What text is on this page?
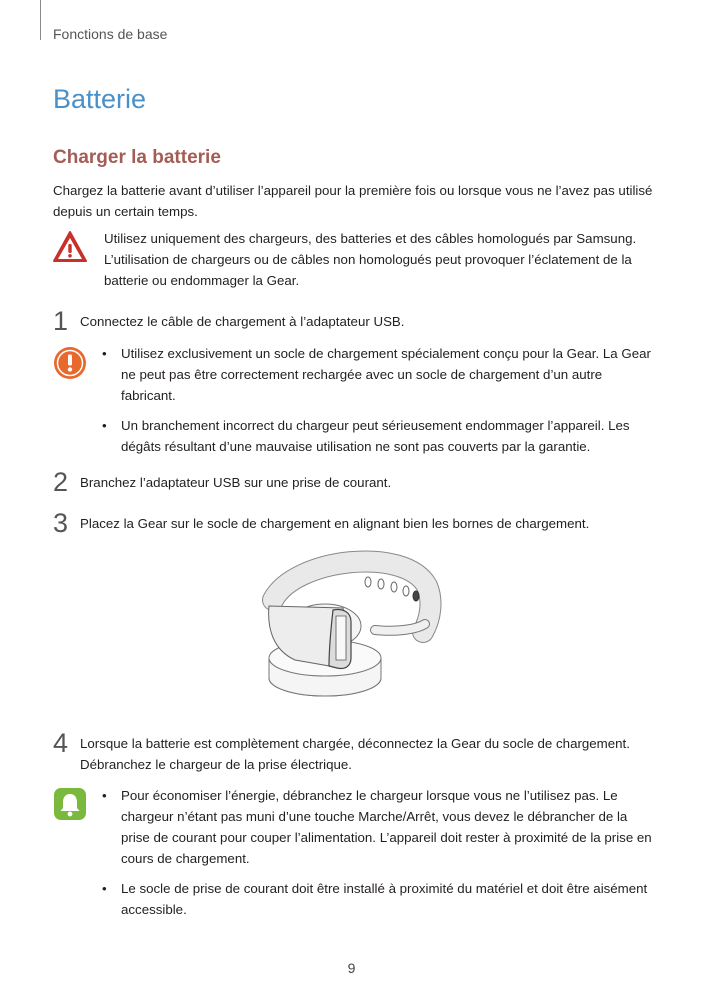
Fonctions de base
Batterie
Charger la batterie
Chargez la batterie avant d’utiliser l’appareil pour la première fois ou lorsque vous ne l’avez pas utilisé depuis un certain temps.
Utilisez uniquement des chargeurs, des batteries et des câbles homologués par Samsung. L’utilisation de chargeurs ou de câbles non homologués peut provoquer l’éclatement de la batterie ou endommager la Gear.
1 Connectez le câble de chargement à l’adaptateur USB.
• Utilisez exclusivement un socle de chargement spécialement conçu pour la Gear. La Gear ne peut pas être correctement rechargée avec un socle de chargement d’un autre fabricant.
• Un branchement incorrect du chargeur peut sérieusement endommager l’appareil. Les dégâts résultant d’une mauvaise utilisation ne sont pas couverts par la garantie.
2 Branchez l’adaptateur USB sur une prise de courant.
3 Placez la Gear sur le socle de chargement en alignant bien les bornes de chargement.
4 Lorsque la batterie est complètement chargée, déconnectez la Gear du socle de chargement. Débranchez le chargeur de la prise électrique.
• Pour économiser l’énergie, débranchez le chargeur lorsque vous ne l’utilisez pas. Le chargeur n’étant pas muni d’une touche Marche/Arrêt, vous devez le débrancher de la prise de courant pour couper l’alimentation. L’appareil doit rester à proximité de la prise en cours de chargement.
• Le socle de prise de courant doit être installé à proximité du matériel et doit être aisément accessible.
9
